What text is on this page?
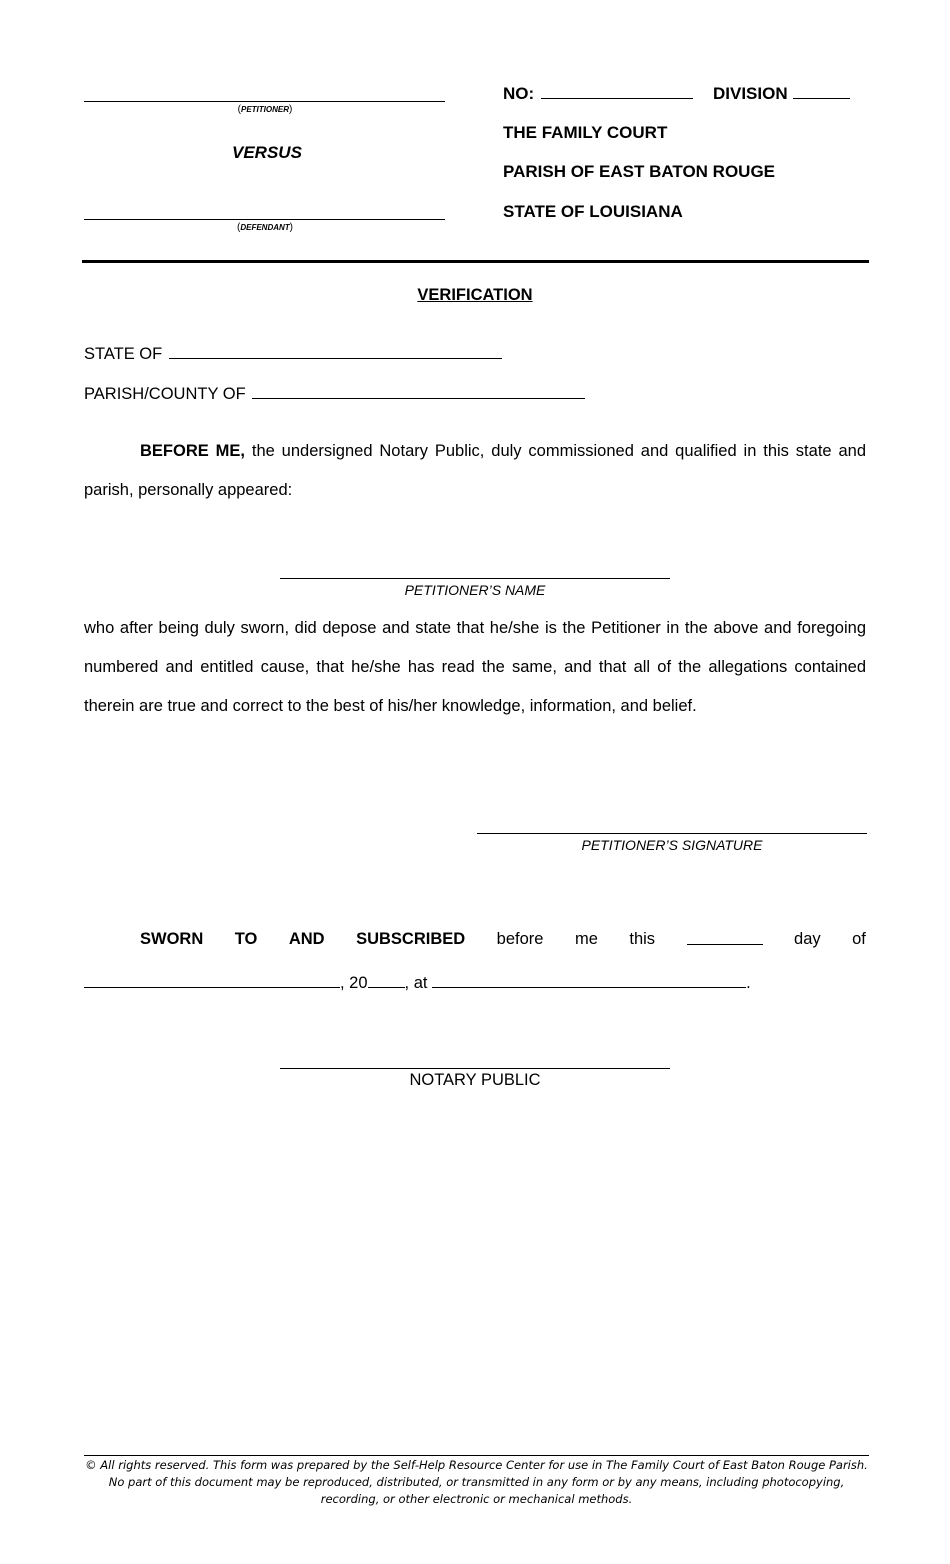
(PETITIONER)
VERSUS
(DEFENDANT)
NO:	DIVISION
THE FAMILY COURT
PARISH OF EAST BATON ROUGE
STATE OF LOUISIANA
VERIFICATION
STATE OF
PARISH/COUNTY OF
BEFORE ME, the undersigned Notary Public, duly commissioned and qualified in this state and parish, personally appeared:
PETITIONER’S NAME
who after being duly sworn, did depose and state that he/she is the Petitioner in the above and foregoing numbered and entitled cause, that he/she has read the same, and that all of the allegations contained therein are true and correct to the best of his/her knowledge, information, and belief.
PETITIONER’S SIGNATURE
SWORN TO AND SUBSCRIBED before me this	day of
, 20 , at	.
NOTARY PUBLIC
© All rights reserved. This form was prepared by the Self-Help Resource Center for use in The Family Court of East Baton Rouge Parish. No part of this document may be reproduced, distributed, or transmitted in any form or by any means, including photocopying, recording, or other electronic or mechanical methods.
